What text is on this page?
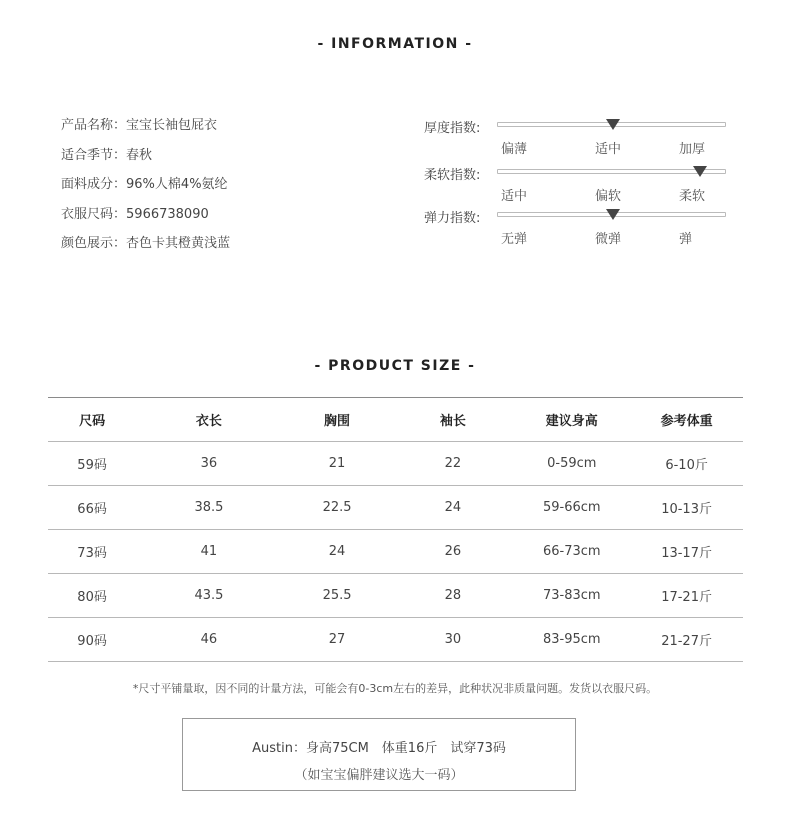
- INFORMATION -
产品名称：宝宝长袖包屁衣
适合季节：春秋
面料成分：96%人棉4%氨纶
衣服尺码：5966738090
颜色展示：杏色卡其橙黄浅蓝
厚度指数:
偏薄	适中	加厚
柔软指数:
适中	偏软	柔软
弹力指数:
无弹	微弹	弹
- PRODUCT SIZE -
尺码	衣长	胸围	袖长	建议身高	参考体重
59码	36	21	22	0-59cm	6-10斤
66码	38.5	22.5	24	59-66cm	10-13斤
73码	41	24	26	66-73cm	13-17斤
80码	43.5	25.5	28	73-83cm	17-21斤
90码	46	27	30	83-95cm	21-27斤
*尺寸平铺量取，因不同的计量方法，可能会有0-3cm左右的差异，此种状况非质量问题。发货以衣服尺码。
Austin：身高75CM　体重16斤　试穿73码
（如宝宝偏胖建议选大一码）
